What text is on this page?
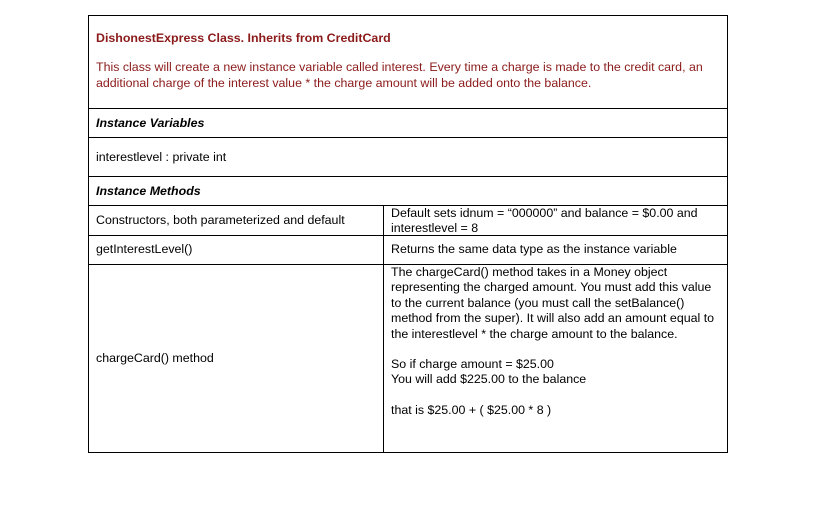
DishonestExpress Class. Inherits from CreditCard

This class will create a new instance variable called interest. Every time a charge is made to the credit card, an additional charge of the interest value * the charge amount will be added onto the balance.

Instance Variables
interestlevel : private int
Instance Methods
Constructors, both parameterized and default	Default sets idnum = “000000” and balance = $0.00 and interestlevel = 8
getInterestLevel()	Returns the same data type as the instance variable
chargeCard() method

The chargeCard() method takes in a Money object representing the charged amount. You must add this value to the current balance (you must call the setBalance() method from the super). It will also add an amount equal to the interestlevel * the charge amount to the balance.

So if charge amount = $25.00
You will add $225.00 to the balance

that is $25.00 + ( $25.00 * 8 )
